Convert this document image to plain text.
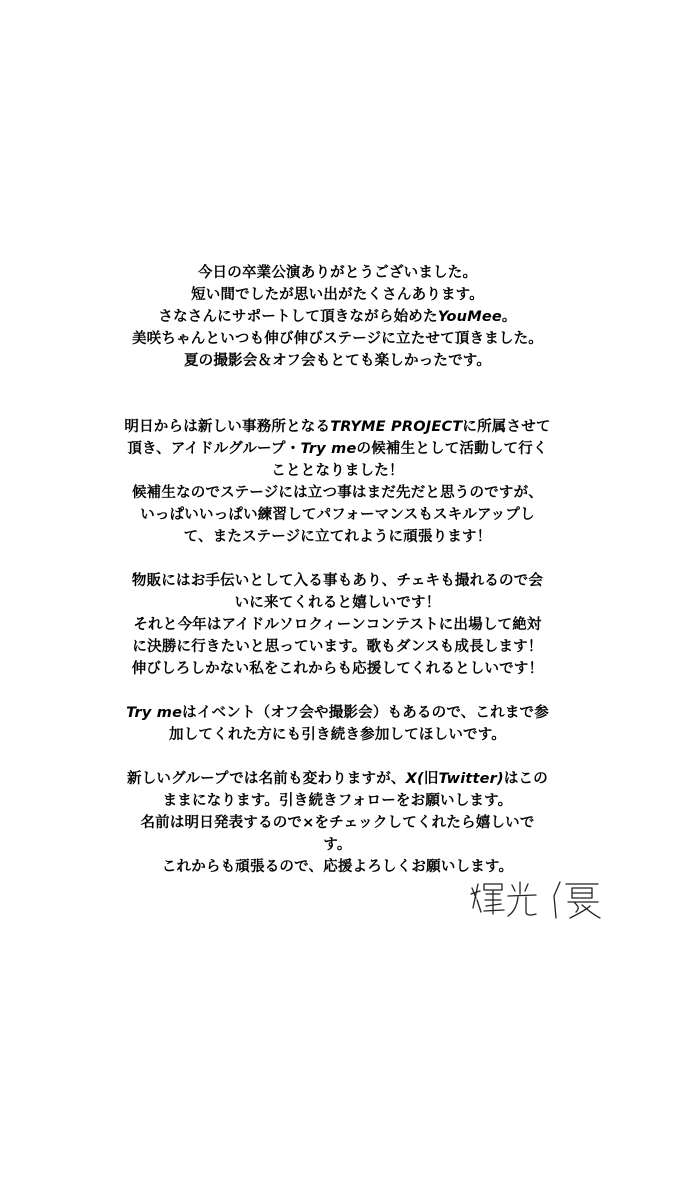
今日の卒業公演ありがとうございました。
短い間でしたが思い出がたくさんあります。
さなさんにサポートして頂きながら始めたYouMee。
美咲ちゃんといつも伸び伸びステージに立たせて頂きました。
夏の撮影会＆オフ会もとても楽しかったです。
明日からは新しい事務所となるTRYME PROJECTに所属させて
頂き、アイドルグループ・Try meの候補生として活動して行く
こととなりました！
候補生なのでステージには立つ事はまだ先だと思うのですが、
いっぱいいっぱい練習してパフォーマンスもスキルアップし
て、またステージに立てれように頑張ります！
物販にはお手伝いとして入る事もあり、チェキも撮れるので会
いに来てくれると嬉しいです！
それと今年はアイドルソロクィーンコンテストに出場して絶対
に決勝に行きたいと思っています。歌もダンスも成長します！
伸びしろしかない私をこれからも応援してくれるとしいです！
Try meはイベント（オフ会や撮影会）もあるので、これまで参
加してくれた方にも引き続き参加してほしいです。
新しいグループでは名前も変わりますが、X(旧Twitter)はこの
ままになります。引き続きフォローをお願いします。
名前は明日発表するので×をチェックしてくれたら嬉しいで
す。
これからも頑張るので、応援よろしくお願いします。
